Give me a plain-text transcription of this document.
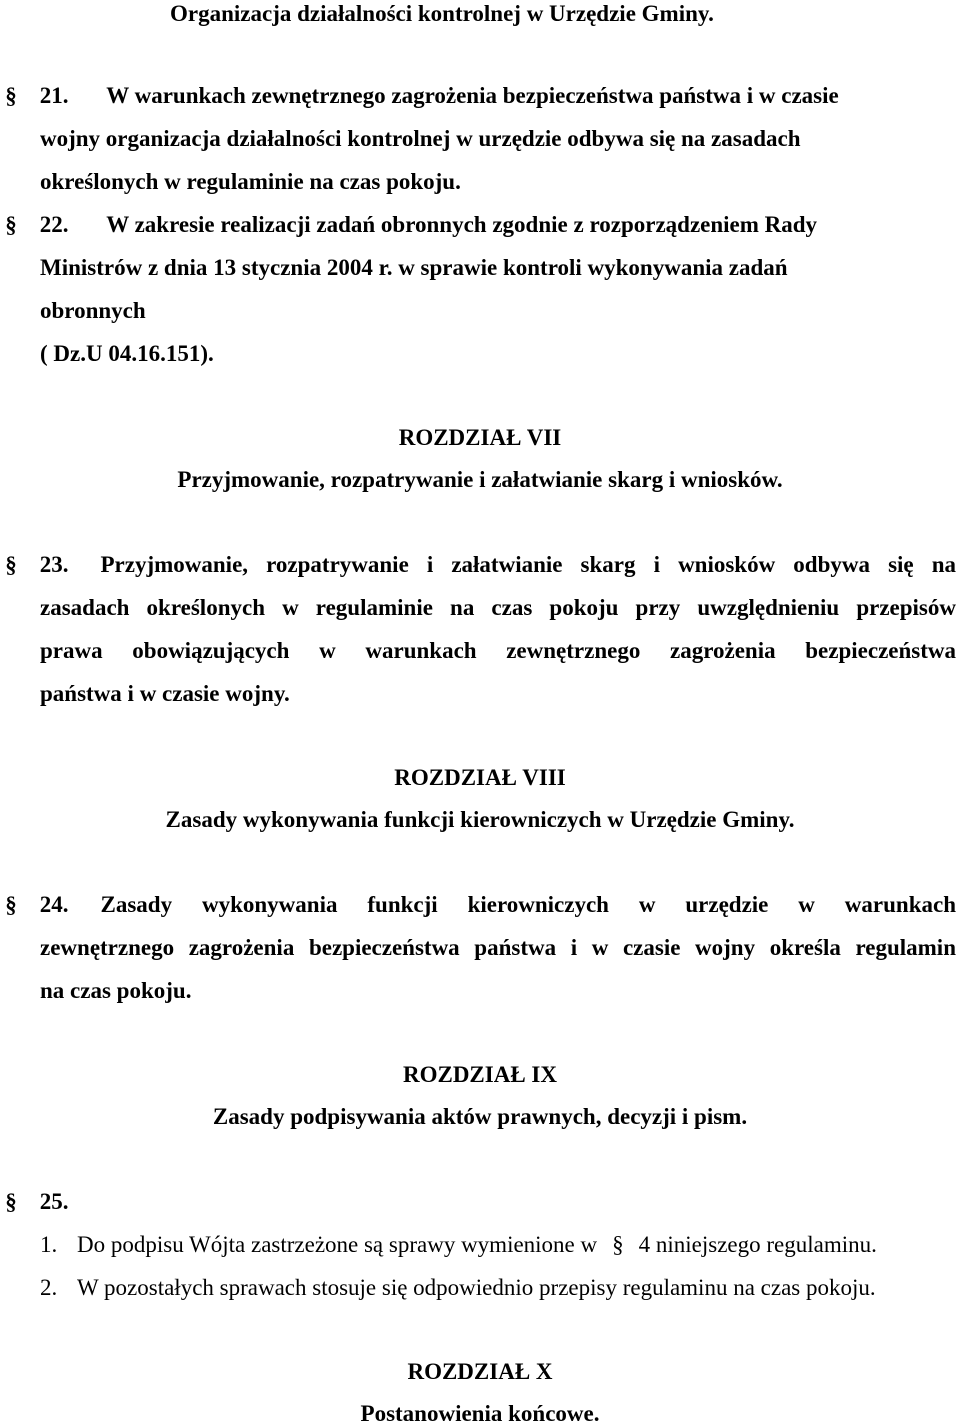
Organizacja działalności kontrolnej w Urzędzie Gminy.
§ 21. W warunkach zewnętrznego zagrożenia bezpieczeństwa państwa i w czasie
wojny organizacja działalności kontrolnej w urzędzie odbywa się na zasadach
określonych w regulaminie na czas pokoju.
§ 22. W zakresie realizacji zadań obronnych zgodnie z rozporządzeniem Rady
Ministrów z dnia 13 stycznia 2004 r. w sprawie kontroli wykonywania zadań
obronnych
( Dz.U 04.16.151).
ROZDZIAŁ VII
Przyjmowanie, rozpatrywanie i załatwianie skarg i wniosków.
§ 23. Przyjmowanie, rozpatrywanie i załatwianie skarg i wniosków odbywa się na
zasadach określonych w regulaminie na czas pokoju przy uwzględnieniu przepisów
prawa obowiązujących w warunkach zewnętrznego zagrożenia bezpieczeństwa
państwa i w czasie wojny.
ROZDZIAŁ VIII
Zasady wykonywania funkcji kierowniczych w Urzędzie Gminy.
§ 24. Zasady wykonywania funkcji kierowniczych w urzędzie w warunkach
zewnętrznego zagrożenia bezpieczeństwa państwa i w czasie wojny określa regulamin
na czas pokoju.
ROZDZIAŁ IX
Zasady podpisywania aktów prawnych, decyzji i pism.
§ 25.
1. Do podpisu Wójta zastrzeżone są sprawy wymienione w § 4 niniejszego regulaminu.
2. W pozostałych sprawach stosuje się odpowiednio przepisy regulaminu na czas pokoju.
ROZDZIAŁ X
Postanowienia końcowe.
